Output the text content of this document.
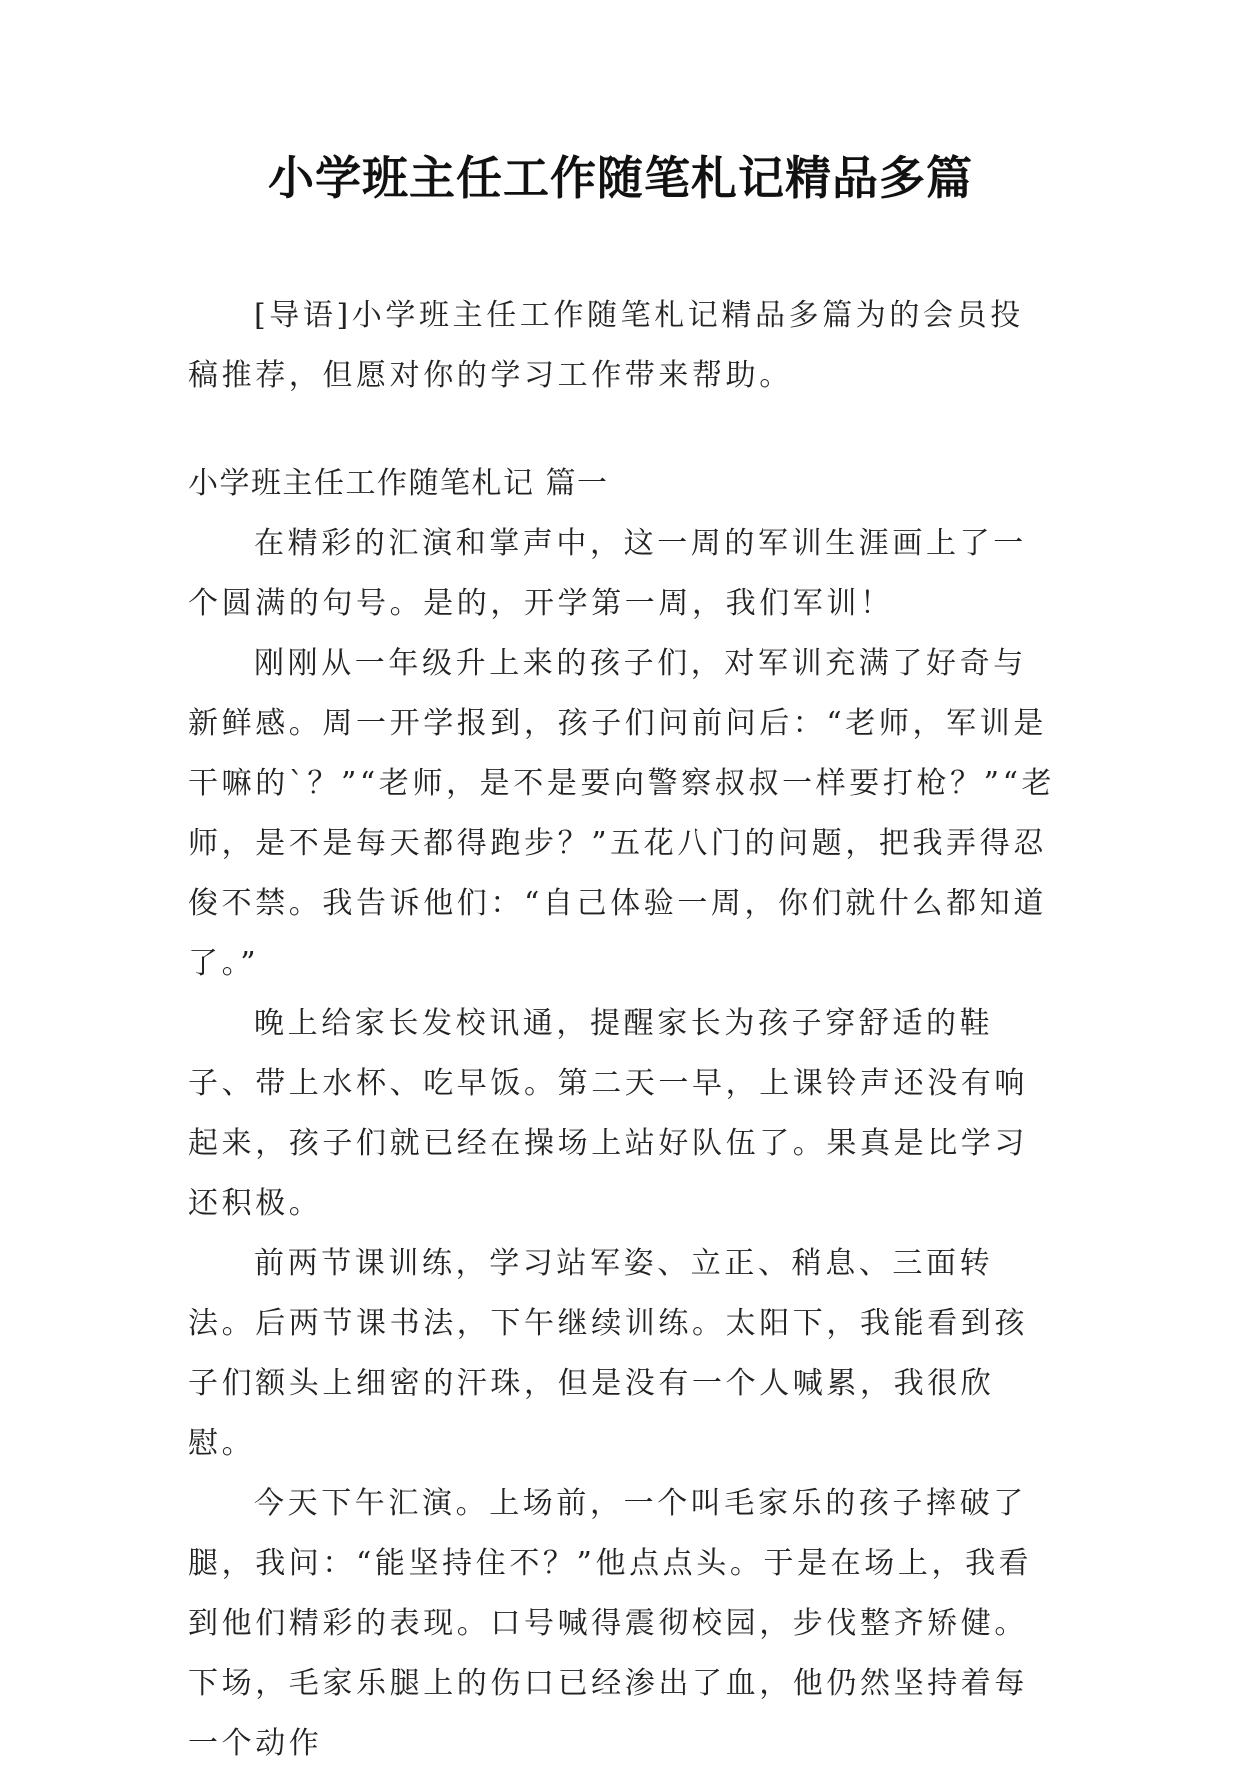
小学班主任工作随笔札记精品多篇

[导语]小学班主任工作随笔札记精品多篇为的会员投稿推荐，但愿对你的学习工作带来帮助。

小学班主任工作随笔札记 篇一

在精彩的汇演和掌声中，这一周的军训生涯画上了一个圆满的句号。是的，开学第一周，我们军训！

刚刚从一年级升上来的孩子们，对军训充满了好奇与新鲜感。周一开学报到，孩子们问前问后：“老师，军训是干嘛的`？”“老师，是不是要向警察叔叔一样要打枪？”“老师，是不是每天都得跑步？”五花八门的问题，把我弄得忍俊不禁。我告诉他们：“自己体验一周，你们就什么都知道了。”

晚上给家长发校讯通，提醒家长为孩子穿舒适的鞋子、带上水杯、吃早饭。第二天一早，上课铃声还没有响起来，孩子们就已经在操场上站好队伍了。果真是比学习还积极。

前两节课训练，学习站军姿、立正、稍息、三面转法。后两节课书法，下午继续训练。太阳下，我能看到孩子们额头上细密的汗珠，但是没有一个人喊累，我很欣慰。

今天下午汇演。上场前，一个叫毛家乐的孩子摔破了腿，我问：“能坚持住不？”他点点头。于是在场上，我看到他们精彩的表现。口号喊得震彻校园，步伐整齐矫健。下场，毛家乐腿上的伤口已经渗出了血，他仍然坚持着每一个动作
